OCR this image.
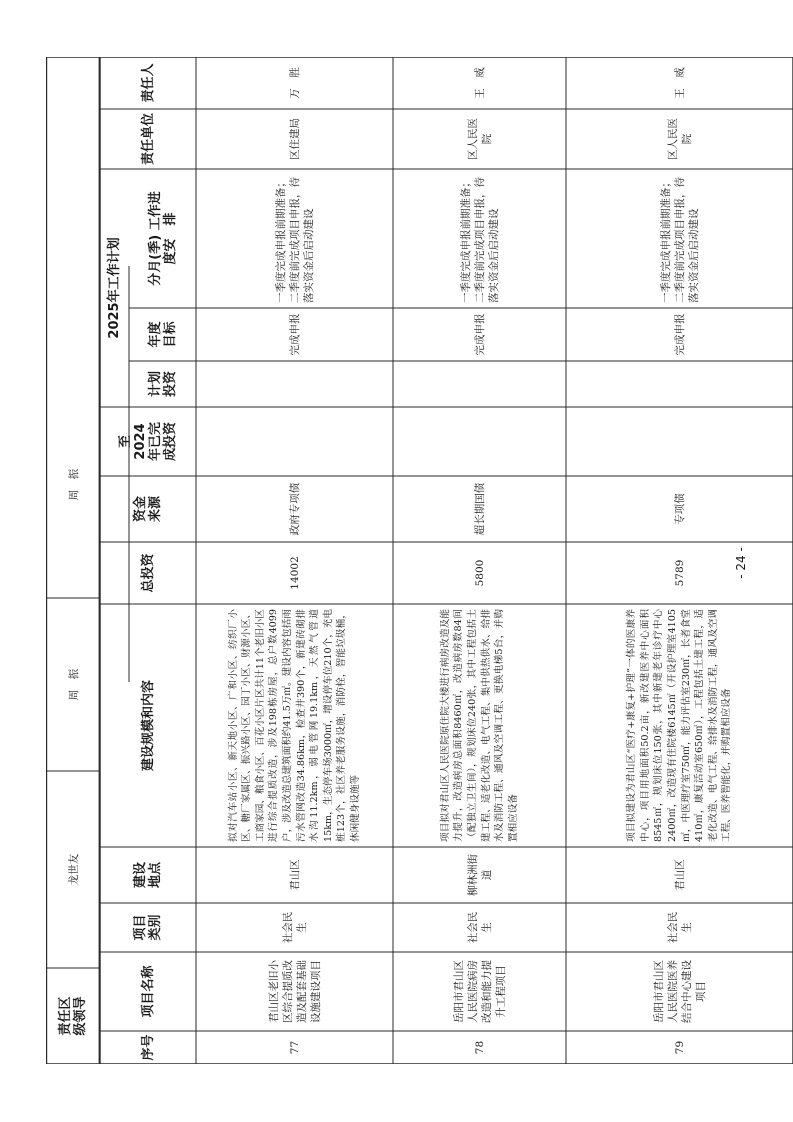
序号
项目名称
项目类别
建设地点
建设规模和内容
总投资
资金来源
至2024年已完成投资
2025年工作计划
计划投资
年度目标
分月(季) 工作进度安　排
责任单位
责任人
77
君山区老旧小区综合提质改造及配套基础设施建设项目
社会民生
君山区
拟对汽车站小区、新天地小区、广和小区、纺织厂小区、糖厂家属区、振兴路小区、园丁小区、财源小区、工商家园、粮食小区、百花小区片区共计11个老旧小区进行综合提质改造，涉及198栋房屋，总户数4099户，涉及改造总建筑面积约41.5万㎡。建设内容包括雨污水管网改造34.86km，检查井390个，新建砖砌排水沟11.2km，弱电管网19.1km，天然气管道15km，生态停车场3000㎡，增设停车位210个，充电桩123个，社区养老服务设施，消防栓，智能垃圾桶，休闲健身设施等
14002
政府专项债
完成申报
一季度完成申报前期准备；二季度前完成项目申报，待落实资金后启动建设
区住建局
万　胜
78
岳阳市君山区人民医院病房改造和能力提升工程项目
社会民生
柳林洲街道
项目拟对君山区人民医院原住院大楼进行病房改造及能力提升，改造病房总面积8460㎡，改造病房数84间（配独立卫生间），规划床位240张，其中工程包括土建工程、适老化改造、电气工程、集中供热供水、给排水及消防工程、通风及空调工程、更换电梯5台，并购置相应设备
5800
超长期国债
完成申报
一季度完成申报前期准备；二季度前完成项目申报，待落实资金后启动建设
区人民医院
王　威
79
岳阳市君山区人民医院医养结合中心建设项目
社会民生
君山区
项目拟建设为君山区“医疗+康复+护理”一体的医康养中心，项目用地面积50.2亩，新改建医养中心面积8545㎡，规划床位150张，其中新建老年诊疗中心2400㎡，改造现有住院楼6145㎡（开设护理室4105㎡，中医理疗室750㎡，能力评估室230㎡，长者食堂410㎡，康复活动室650㎡），工程包括土建工程，适老化改造、电气工程、给排水及消防工程，通风及空调工程、医养智能化，并购置相应设备
5789
专项债
完成申报
一季度完成申报前期准备；二季度前完成项目申报，待落实资金后启动建设
区人民医院
王　威
责任区级领导
龙世友
周　振
周　振
- 24 -
